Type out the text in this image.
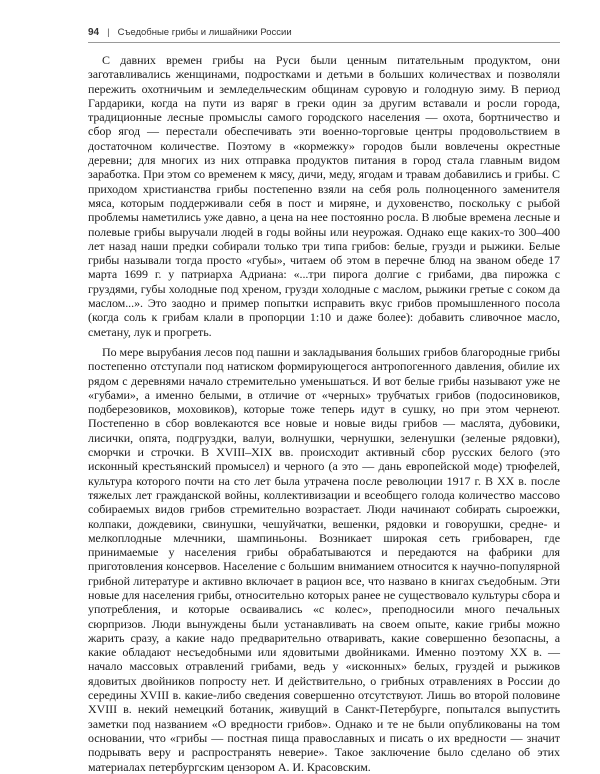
94 | Съедобные грибы и лишайники России

С давних времен грибы на Руси были ценным питательным продуктом, они заготавливались женщинами, подростками и детьми в больших количествах и позволяли пережить охотничьим и земледельческим общинам суровую и голодную зиму. В период Гардарики, когда на пути из варяг в греки один за другим вставали и росли города, традиционные лесные промыслы самого городского населения — охота, бортничество и сбор ягод — перестали обеспечивать эти военно-торговые центры продовольствием в достаточном количестве. Поэтому в «кормежку» городов были вовлечены окрестные деревни; для многих из них отправка продуктов питания в город стала главным видом заработка. При этом со временем к мясу, дичи, меду, ягодам и травам добавились и грибы. С приходом христианства грибы постепенно взяли на себя роль полноценного заменителя мяса, которым поддерживали себя в пост и миряне, и духовенство, поскольку с рыбой проблемы наметились уже давно, а цена на нее постоянно росла. В любые времена лесные и полевые грибы выручали людей в годы войны или неурожая. Однако еще каких-то 300–400 лет назад наши предки собирали только три типа грибов: белые, грузди и рыжики. Белые грибы называли тогда просто «губы», читаем об этом в перечне блюд на званом обеде 17 марта 1699 г. у патриарха Адриана: «...три пирога долгие с грибами, два пирожка с груздями, губы холодные под хреном, грузди холодные с маслом, рыжики гретые с соком да маслом...». Это заодно и пример попытки исправить вкус грибов промышленного посола (когда соль к грибам клали в пропорции 1:10 и даже более): добавить сливочное масло, сметану, лук и прогреть.

По мере вырубания лесов под пашни и закладывания больших грибов благородные грибы постепенно отступали под натиском формирующегося антропогенного давления, обилие их рядом с деревнями начало стремительно уменьшаться. И вот белые грибы называют уже не «губами», а именно белыми, в отличие от «черных» трубчатых грибов (подосиновиков, подберезовиков, моховиков), которые тоже теперь идут в сушку, но при этом чернеют. Постепенно в сбор вовлекаются все новые и новые виды грибов — маслята, дубовики, лисички, опята, подгруздки, валуи, волнушки, чернушки, зеленушки (зеленые рядовки), сморчки и строчки. В XVIII–XIX вв. происходит активный сбор русских белого (это исконный крестьянский промысел) и черного (а это — дань европейской моде) трюфелей, культура которого почти на сто лет была утрачена после революции 1917 г. В XX в. после тяжелых лет гражданской войны, коллективизации и всеобщего голода количество массово собираемых видов грибов стремительно возрастает. Люди начинают собирать сыроежки, колпаки, дождевики, свинушки, чешуйчатки, вешенки, рядовки и говорушки, средне- и мелкоплодные млечники, шампиньоны. Возникает широкая сеть грибоварен, где принимаемые у населения грибы обрабатываются и передаются на фабрики для приготовления консервов. Население с большим вниманием относится к научно-популярной грибной литературе и активно включает в рацион все, что названо в книгах съедобным. Эти новые для населения грибы, относительно которых ранее не существовало культуры сбора и употребления, и которые осваивались «с колес», преподносили много печальных сюрпризов. Люди вынуждены были устанавливать на своем опыте, какие грибы можно жарить сразу, а какие надо предварительно отваривать, какие совершенно безопасны, а какие обладают несъедобными или ядовитыми двойниками. Именно поэтому XX в. — начало массовых отравлений грибами, ведь у «исконных» белых, груздей и рыжиков ядовитых двойников попросту нет. И действительно, о грибных отравлениях в России до середины XVIII в. какие-либо сведения совершенно отсутствуют. Лишь во второй половине XVIII в. некий немецкий ботаник, живущий в Санкт-Петербурге, попытался выпустить заметки под названием «О вредности грибов». Однако и те не были опубликованы на том основании, что «грибы — постная пища православных и писать о их вредности — значит подрывать веру и распространять неверие». Такое заключение было сделано об этих материалах петербургским цензором А. И. Красовским.
